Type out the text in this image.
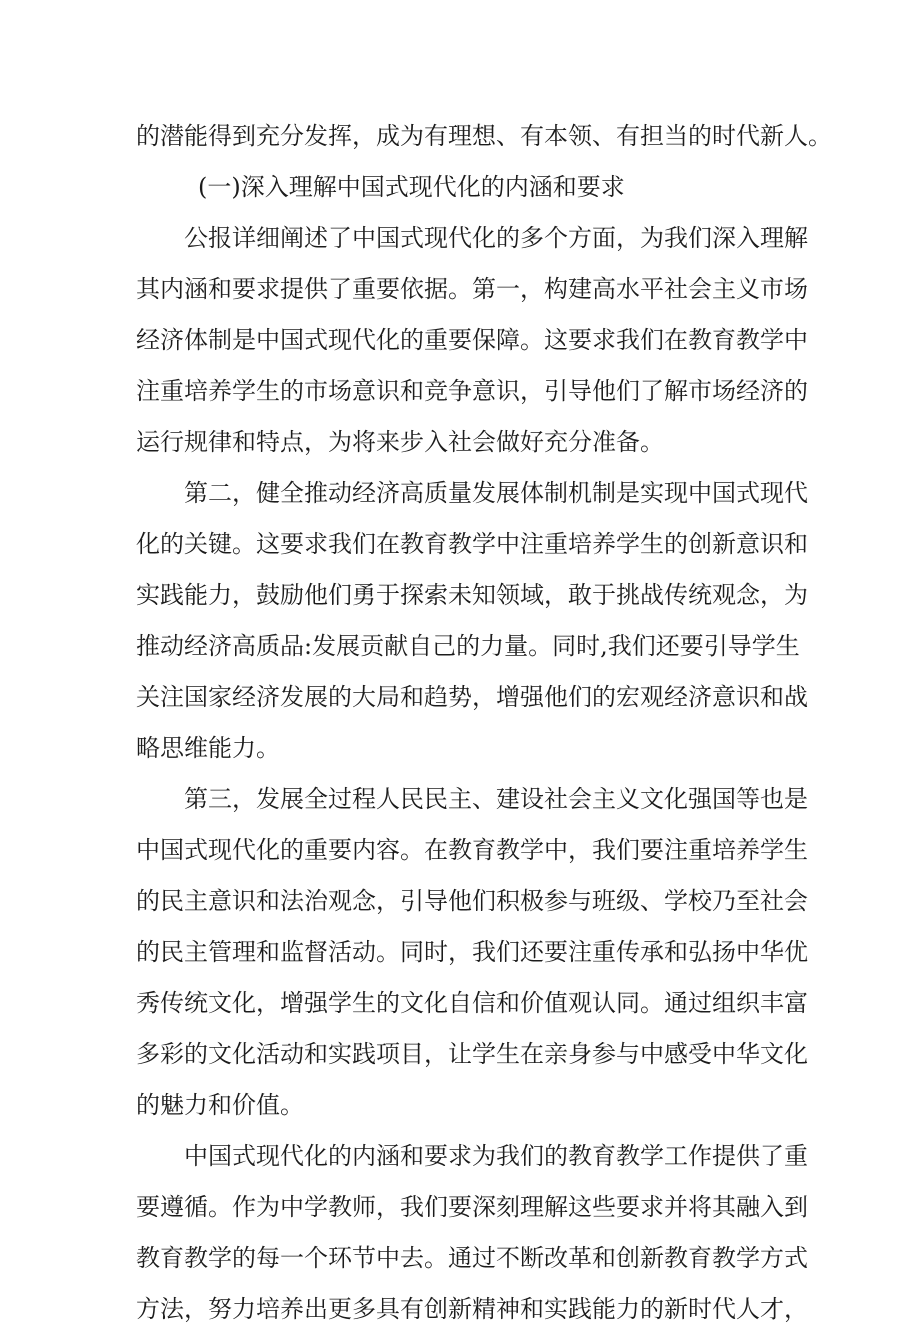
的潜能得到充分发挥，成为有理想、有本领、有担当的时代新人。
(一)深入理解中国式现代化的内涵和要求
公报详细阐述了中国式现代化的多个方面，为我们深入理解
其内涵和要求提供了重要依据。第一，构建高水平社会主义市场
经济体制是中国式现代化的重要保障。这要求我们在教育教学中
注重培养学生的市场意识和竞争意识，引导他们了解市场经济的
运行规律和特点，为将来步入社会做好充分准备。
第二，健全推动经济高质量发展体制机制是实现中国式现代
化的关键。这要求我们在教育教学中注重培养学生的创新意识和
实践能力，鼓励他们勇于探索未知领域，敢于挑战传统观念，为
推动经济高质品:发展贡献自己的力量。同时,我们还要引导学生
关注国家经济发展的大局和趋势，增强他们的宏观经济意识和战
略思维能力。
第三，发展全过程人民民主、建设社会主义文化强国等也是
中国式现代化的重要内容。在教育教学中，我们要注重培养学生
的民主意识和法治观念，引导他们积极参与班级、学校乃至社会
的民主管理和监督活动。同时，我们还要注重传承和弘扬中华优
秀传统文化，增强学生的文化自信和价值观认同。通过组织丰富
多彩的文化活动和实践项目，让学生在亲身参与中感受中华文化
的魅力和价值。
中国式现代化的内涵和要求为我们的教育教学工作提供了重
要遵循。作为中学教师，我们要深刻理解这些要求并将其融入到
教育教学的每一个环节中去。通过不断改革和创新教育教学方式
方法，努力培养出更多具有创新精神和实践能力的新时代人才，
